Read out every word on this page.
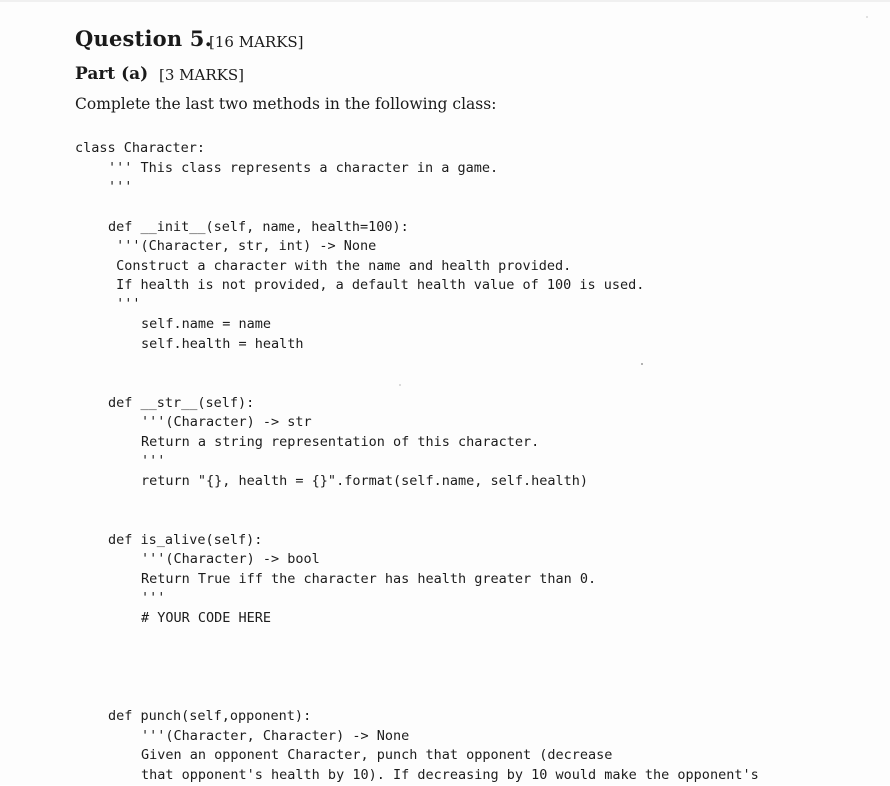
Question 5.
[16 MARKS]
Part (a) [3 MARKS]
Complete the last two methods in the following class:
class Character:
''' This class represents a character in a game.
'''
def __init__(self, name, health=100):
'''(Character, str, int) -> None
Construct a character with the name and health provided.
If health is not provided, a default health value of 100 is used.
'''
self.name = name
self.health = health
def __str__(self):
'''(Character) -> str
Return a string representation of this character.
'''
return "{}, health = {}".format(self.name, self.health)
def is_alive(self):
'''(Character) -> bool
Return True iff the character has health greater than 0.
'''
# YOUR CODE HERE
def punch(self,opponent):
'''(Character, Character) -> None
Given an opponent Character, punch that opponent (decrease
that opponent's health by 10). If decreasing by 10 would make the opponent's
